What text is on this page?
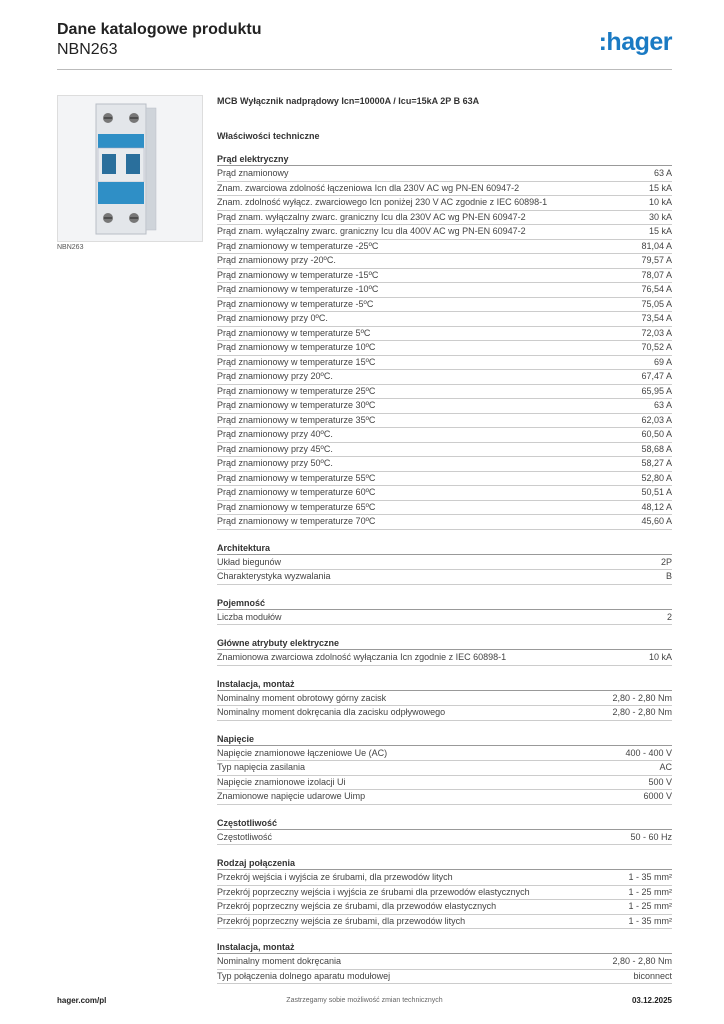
Dane katalogowe produktu
NBN263	:hager
NBN263
MCB Wyłącznik nadprądowy Icn=10000A / Icu=15kA 2P B 63A
Właściwości techniczne
Prąd elektryczny
Prąd znamionowy	63 A
Znam. zwarciowa zdolność łączeniowa Icn dla 230V AC wg PN-EN 60947-2	15 kA
Znam. zdolność wyłącz. zwarciowego Icn poniżej 230 V AC zgodnie z IEC 60898-1	10 kA
Prąd znam. wyłączalny zwarc. graniczny Icu dla 230V AC wg PN-EN 60947-2	30 kA
Prąd znam. wyłączalny zwarc. graniczny Icu dla 400V AC wg PN-EN 60947-2	15 kA
Prąd znamionowy w temperaturze -25ºC	81,04 A
Prąd znamionowy przy -20ºC.	79,57 A
Prąd znamionowy w temperaturze -15ºC	78,07 A
Prąd znamionowy w temperaturze -10ºC	76,54 A
Prąd znamionowy w temperaturze -5ºC	75,05 A
Prąd znamionowy przy 0ºC.	73,54 A
Prąd znamionowy w temperaturze 5ºC	72,03 A
Prąd znamionowy w temperaturze 10ºC	70,52 A
Prąd znamionowy w temperaturze 15ºC	69 A
Prąd znamionowy przy 20ºC.	67,47 A
Prąd znamionowy w temperaturze 25ºC	65,95 A
Prąd znamionowy w temperaturze 30ºC	63 A
Prąd znamionowy w temperaturze 35ºC	62,03 A
Prąd znamionowy przy 40ºC.	60,50 A
Prąd znamionowy przy 45ºC.	58,68 A
Prąd znamionowy przy 50ºC.	58,27 A
Prąd znamionowy w temperaturze 55ºC	52,80 A
Prąd znamionowy w temperaturze 60ºC	50,51 A
Prąd znamionowy w temperaturze 65ºC	48,12 A
Prąd znamionowy w temperaturze 70ºC	45,60 A
Architektura
Układ biegunów	2P
Charakterystyka wyzwalania	B
Pojemność
Liczba modułów	2
Główne atrybuty elektryczne
Znamionowa zwarciowa zdolność wyłączania Icn zgodnie z IEC 60898-1	10 kA
Instalacja, montaż
Nominalny moment obrotowy górny zacisk	2,80 - 2,80 Nm
Nominalny moment dokręcania dla zacisku odpływowego	2,80 - 2,80 Nm
Napięcie
Napięcie znamionowe łączeniowe Ue (AC)	400 - 400 V
Typ napięcia zasilania	AC
Napięcie znamionowe izolacji Ui	500 V
Znamionowe napięcie udarowe Uimp	6000 V
Częstotliwość
Częstotliwość	50 - 60 Hz
Rodzaj połączenia
Przekrój wejścia i wyjścia ze śrubami, dla przewodów litych	1 - 35 mm²
Przekrój poprzeczny wejścia i wyjścia ze śrubami dla przewodów elastycznych	1 - 25 mm²
Przekrój poprzeczny wejścia ze śrubami, dla przewodów elastycznych	1 - 25 mm²
Przekrój poprzeczny wejścia ze śrubami, dla przewodów litych	1 - 35 mm²
Instalacja, montaż
Nominalny moment dokręcania	2,80 - 2,80 Nm
Typ połączenia dolnego aparatu modułowej	biconnect
hager.com/pl	Zastrzegamy sobie możliwość zmian technicznych	03.12.2025
